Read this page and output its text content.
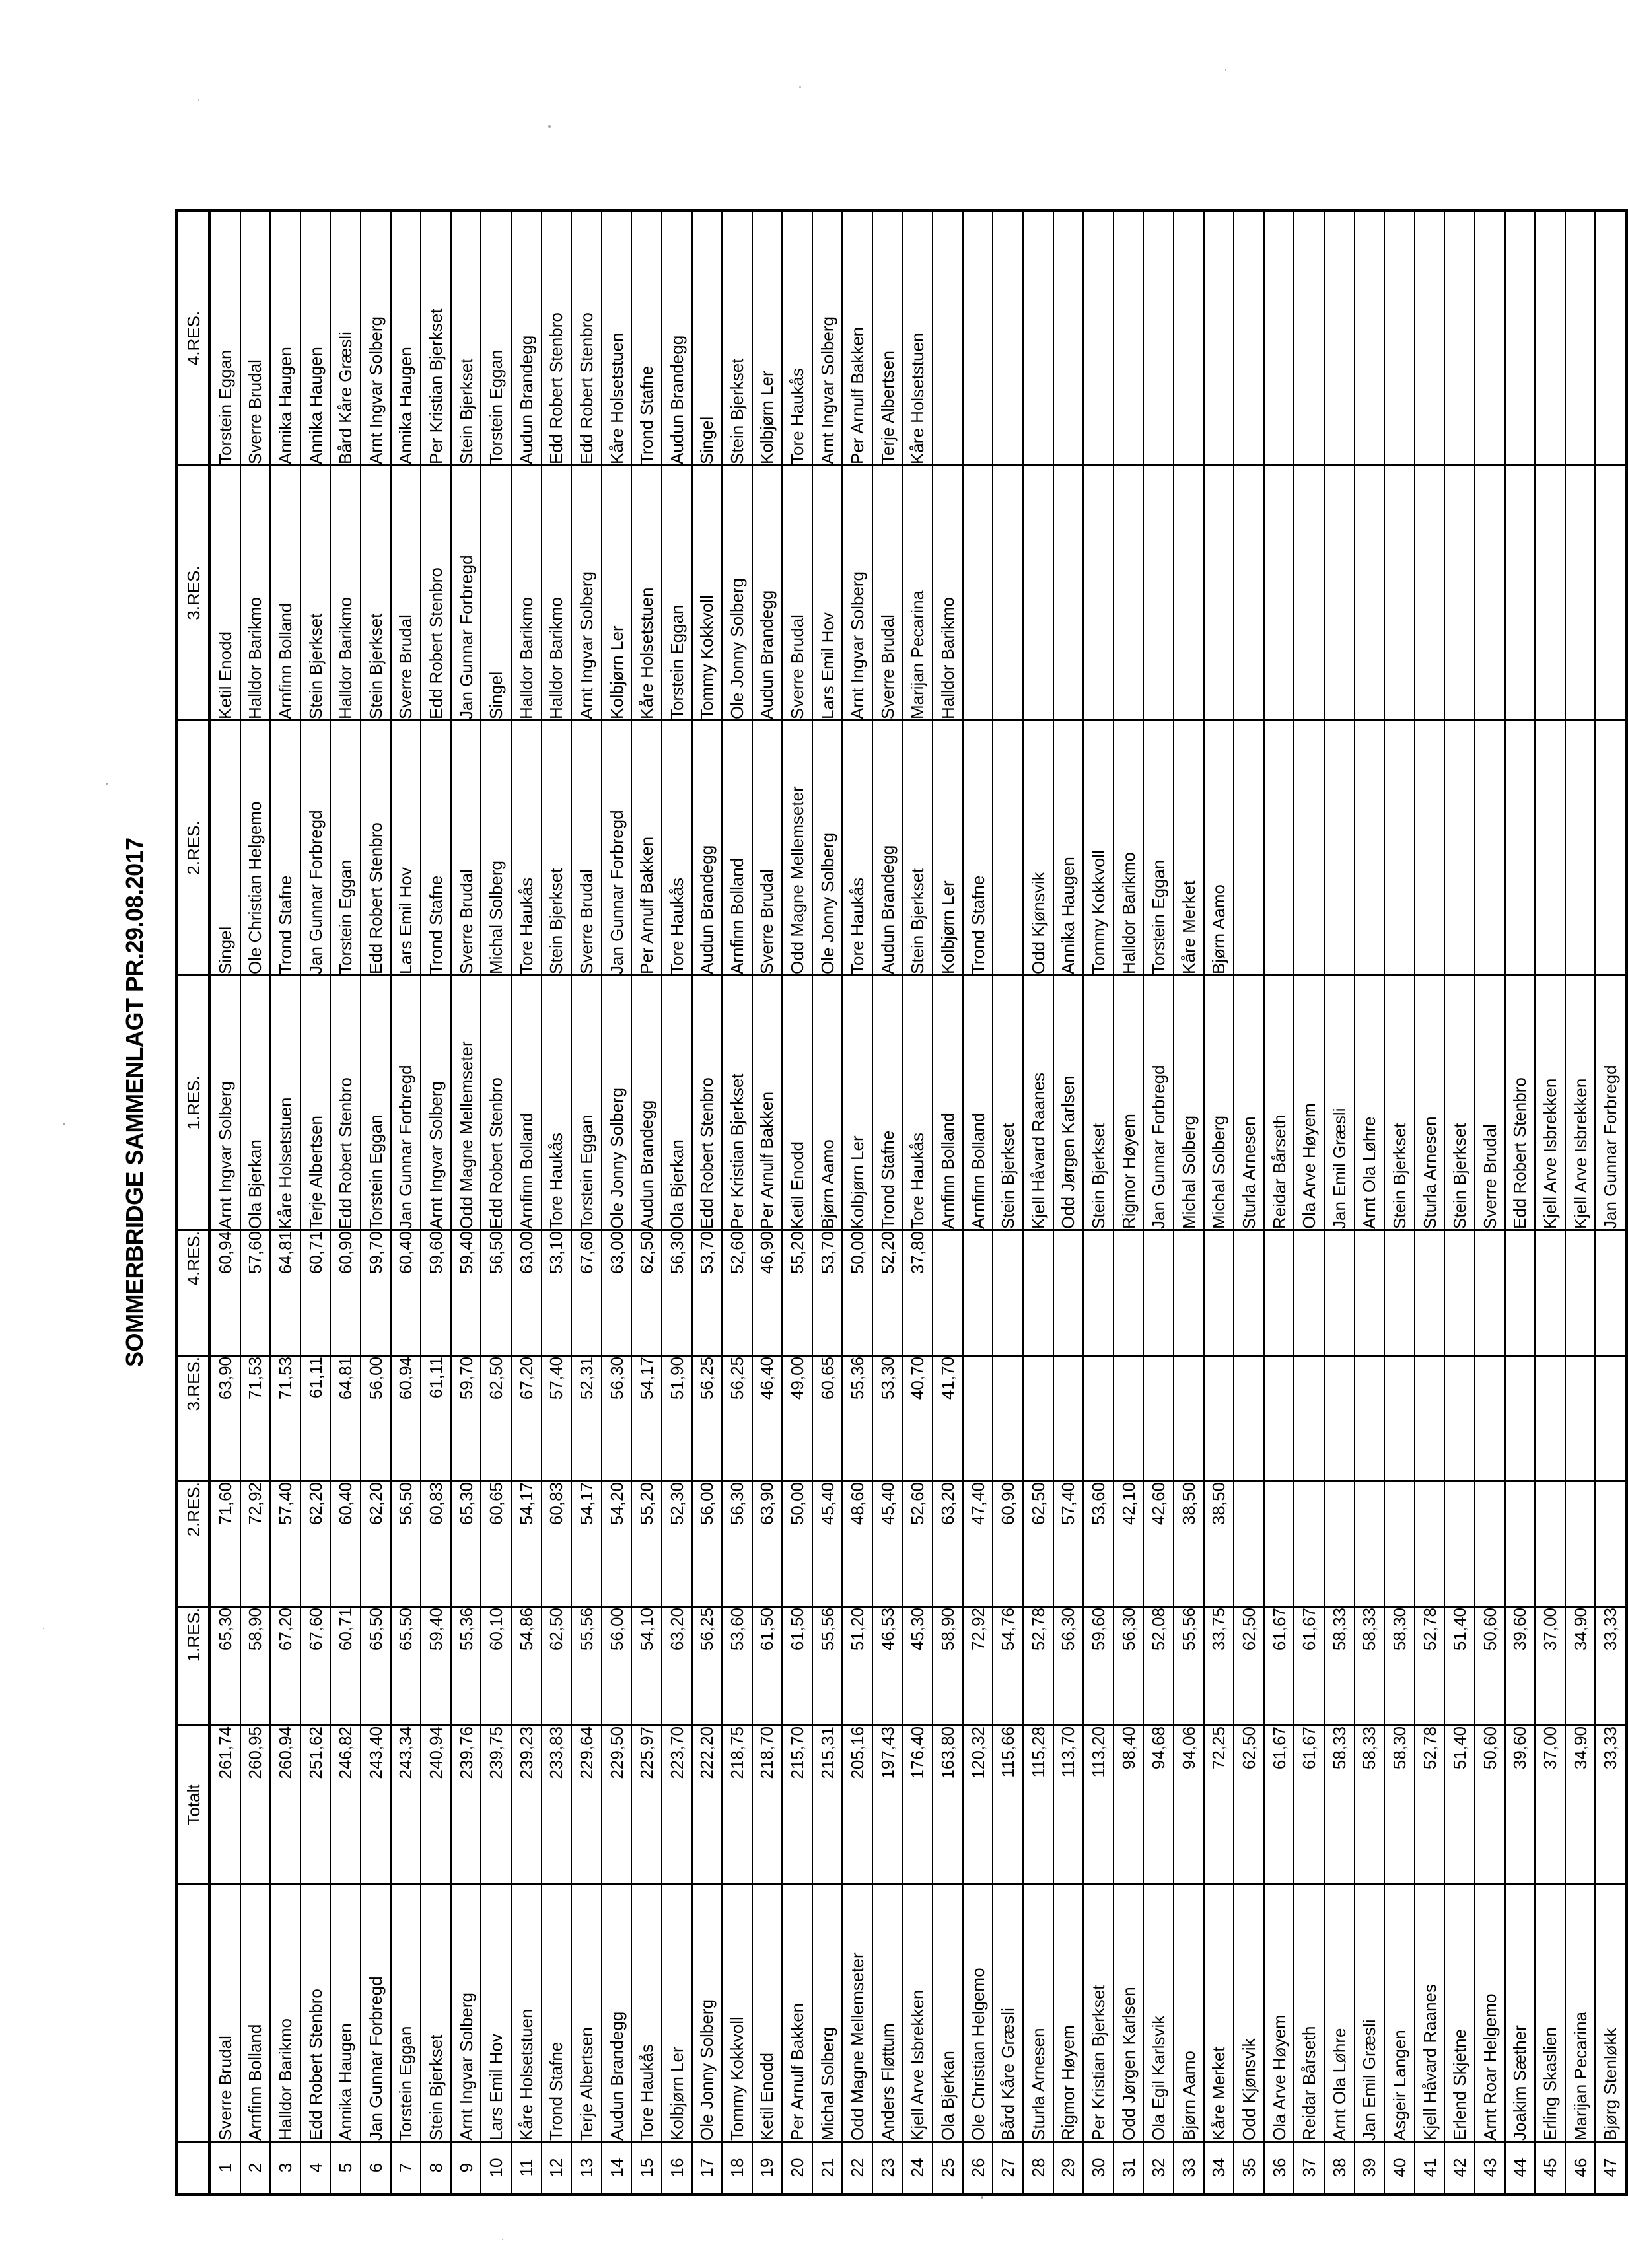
SOMMERBRIDGE SAMMENLAGT PR.29.08.2017
		Totalt	1.RES.	2.RES.	3.RES.	4.RES.	1.RES.	2.RES.	3.RES.	4.RES.
1	Sverre Brudal	261,74	65,30	71,60	63,90	60,94	Arnt Ingvar Solberg	Singel	Ketil Enodd	Torstein Eggan
2	Arnfinn Bolland	260,95	58,90	72,92	71,53	57,60	Ola Bjerkan	Ole Christian Helgemo	Halldor Barikmo	Sverre Brudal
3	Halldor Barikmo	260,94	67,20	57,40	71,53	64,81	Kåre Holsetstuen	Trond Stafne	Arnfinn Bolland	Annika Haugen
4	Edd Robert Stenbro	251,62	67,60	62,20	61,11	60,71	Terje Albertsen	Jan Gunnar Forbregd	Stein Bjerkset	Annika Haugen
5	Annika Haugen	246,82	60,71	60,40	64,81	60,90	Edd Robert Stenbro	Torstein Eggan	Halldor Barikmo	Bård Kåre Græsli
6	Jan Gunnar Forbregd	243,40	65,50	62,20	56,00	59,70	Torstein Eggan	Edd Robert Stenbro	Stein Bjerkset	Arnt Ingvar Solberg
7	Torstein Eggan	243,34	65,50	56,50	60,94	60,40	Jan Gunnar Forbregd	Lars Emil Hov	Sverre Brudal	Annika Haugen
8	Stein Bjerkset	240,94	59,40	60,83	61,11	59,60	Arnt Ingvar Solberg	Trond Stafne	Edd Robert Stenbro	Per Kristian Bjerkset
9	Arnt Ingvar Solberg	239,76	55,36	65,30	59,70	59,40	Odd Magne Mellemseter	Sverre Brudal	Jan Gunnar Forbregd	Stein Bjerkset
10	Lars Emil Hov	239,75	60,10	60,65	62,50	56,50	Edd Robert Stenbro	Michal Solberg	Singel	Torstein Eggan
11	Kåre Holsetstuen	239,23	54,86	54,17	67,20	63,00	Arnfinn Bolland	Tore Haukås	Halldor Barikmo	Audun Brandegg
12	Trond Stafne	233,83	62,50	60,83	57,40	53,10	Tore Haukås	Stein Bjerkset	Halldor Barikmo	Edd Robert Stenbro
13	Terje Albertsen	229,64	55,56	54,17	52,31	67,60	Torstein Eggan	Sverre Brudal	Arnt Ingvar Solberg	Edd Robert Stenbro
14	Audun Brandegg	229,50	56,00	54,20	56,30	63,00	Ole Jonny Solberg	Jan Gunnar Forbregd	Kolbjørn Ler	Kåre Holsetstuen
15	Tore Haukås	225,97	54,10	55,20	54,17	62,50	Audun Brandegg	Per Arnulf Bakken	Kåre Holsetstuen	Trond Stafne
16	Kolbjørn Ler	223,70	63,20	52,30	51,90	56,30	Ola Bjerkan	Tore Haukås	Torstein Eggan	Audun Brandegg
17	Ole Jonny Solberg	222,20	56,25	56,00	56,25	53,70	Edd Robert Stenbro	Audun Brandegg	Tommy Kokkvoll	Singel
18	Tommy Kokkvoll	218,75	53,60	56,30	56,25	52,60	Per Kristian Bjerkset	Arnfinn Bolland	Ole Jonny Solberg	Stein Bjerkset
19	Ketil Enodd	218,70	61,50	63,90	46,40	46,90	Per Arnulf Bakken	Sverre Brudal	Audun Brandegg	Kolbjørn Ler
20	Per Arnulf Bakken	215,70	61,50	50,00	49,00	55,20	Ketil Enodd	Odd Magne Mellemseter	Sverre Brudal	Tore Haukås
21	Michal Solberg	215,31	55,56	45,40	60,65	53,70	Bjørn Aamo	Ole Jonny Solberg	Lars Emil Hov	Arnt Ingvar Solberg
22	Odd Magne Mellemseter	205,16	51,20	48,60	55,36	50,00	Kolbjørn Ler	Tore Haukås	Arnt Ingvar Solberg	Per Arnulf Bakken
23	Anders Fløttum	197,43	46,53	45,40	53,30	52,20	Trond Stafne	Audun Brandegg	Sverre Brudal	Terje Albertsen
24	Kjell Arve Isbrekken	176,40	45,30	52,60	40,70	37,80	Tore Haukås	Stein Bjerkset	Marijan Pecarina	Kåre Holsetstuen
25	Ola Bjerkan	163,80	58,90	63,20	41,70		Arnfinn Bolland	Kolbjørn Ler	Halldor Barikmo	
26	Ole Christian Helgemo	120,32	72,92	47,40			Arnfinn Bolland	Trond Stafne		
27	Bård Kåre Græsli	115,66	54,76	60,90			Stein Bjerkset			
28	Sturla Arnesen	115,28	52,78	62,50			Kjell Håvard Raanes	Odd Kjønsvik		
29	Rigmor Høyem	113,70	56,30	57,40			Odd Jørgen Karlsen	Annika Haugen		
30	Per Kristian Bjerkset	113,20	59,60	53,60			Stein Bjerkset	Tommy Kokkvoll		
31	Odd Jørgen Karlsen	98,40	56,30	42,10			Rigmor Høyem	Halldor Barikmo		
32	Ola Egil Karlsvik	94,68	52,08	42,60			Jan Gunnar Forbregd	Torstein Eggan		
33	Bjørn Aamo	94,06	55,56	38,50			Michal Solberg	Kåre Merket		
34	Kåre Merket	72,25	33,75	38,50			Michal Solberg	Bjørn Aamo		
35	Odd Kjønsvik	62,50	62,50				Sturla Arnesen			
36	Ola Arve Høyem	61,67	61,67				Reidar Bårseth			
37	Reidar Bårseth	61,67	61,67				Ola Arve Høyem			
38	Arnt Ola Løhre	58,33	58,33				Jan Emil Græsli			
39	Jan Emil Græsli	58,33	58,33				Arnt Ola Løhre			
40	Asgeir Langen	58,30	58,30				Stein Bjerkset			
41	Kjell Håvard Raanes	52,78	52,78				Sturla Arnesen			
42	Erlend Skjetne	51,40	51,40				Stein Bjerkset			
43	Arnt Roar Helgemo	50,60	50,60				Sverre Brudal			
44	Joakim Sæther	39,60	39,60				Edd Robert Stenbro			
45	Erling Skaslien	37,00	37,00				Kjell Arve Isbrekken			
46	Marijan Pecarina	34,90	34,90				Kjell Arve Isbrekken			
47	Bjørg Stenløkk	33,33	33,33				Jan Gunnar Forbregd			
